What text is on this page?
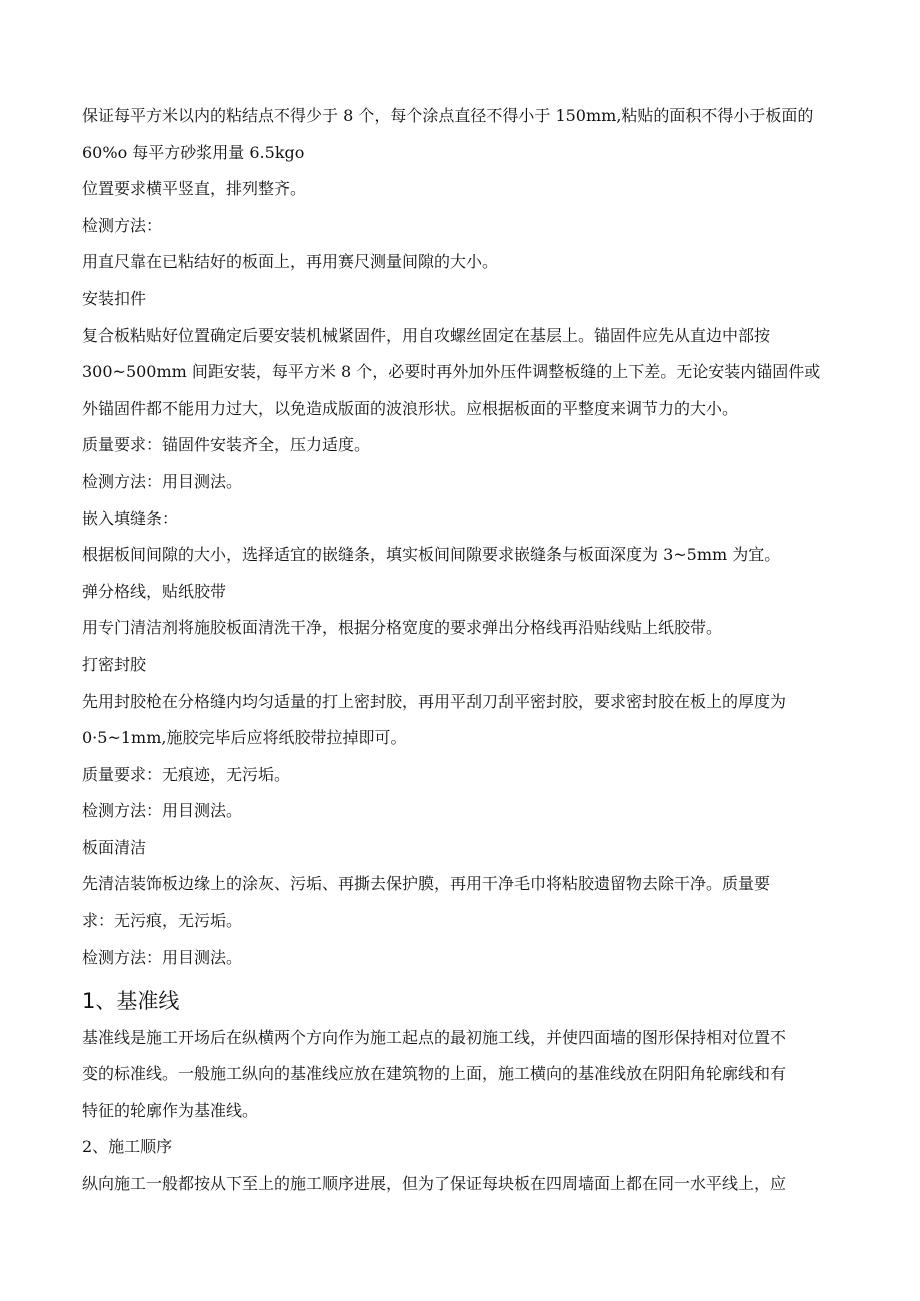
保证每平方米以内的粘结点不得少于 8 个，每个涂点直径不得小于 150mm,粘贴的面积不得小于板面的
60%o 每平方砂浆用量 6.5kgo
位置要求横平竖直，排列整齐。
检测方法：
用直尺靠在已粘结好的板面上，再用赛尺测量间隙的大小。
安装扣件
复合板粘贴好位置确定后要安装机械紧固件，用自攻螺丝固定在基层上。锚固件应先从直边中部按
300~500mm 间距安装，每平方米 8 个，必要时再外加外压件调整板缝的上下差。无论安装内锚固件或
外锚固件都不能用力过大，以免造成版面的波浪形状。应根据板面的平整度来调节力的大小。
质量要求：锚固件安装齐全，压力适度。
检测方法：用目测法。
嵌入填缝条：
根据板间间隙的大小，选择适宜的嵌缝条，填实板间间隙要求嵌缝条与板面深度为 3~5mm 为宜。
弹分格线，贴纸胶带
用专门清洁剂将施胶板面清洗干净，根据分格宽度的要求弹出分格线再沿贴线贴上纸胶带。
打密封胶
先用封胶枪在分格缝内均匀适量的打上密封胶，再用平刮刀刮平密封胶，要求密封胶在板上的厚度为
0·5~1mm,施胶完毕后应将纸胶带拉掉即可。
质量要求：无痕迹，无污垢。
检测方法：用目测法。
板面清洁
先清洁装饰板边缘上的涂灰、污垢、再撕去保护膜，再用干净毛巾将粘胶遗留物去除干净。质量要
求：无污痕，无污垢。
检测方法：用目测法。
1、基准线
基准线是施工开场后在纵横两个方向作为施工起点的最初施工线，并使四面墙的图形保持相对位置不
变的标准线。一般施工纵向的基准线应放在建筑物的上面，施工横向的基准线放在阴阳角轮廓线和有
特征的轮廓作为基准线。
2、施工顺序
纵向施工一般都按从下至上的施工顺序进展，但为了保证每块板在四周墙面上都在同一水平线上，应
